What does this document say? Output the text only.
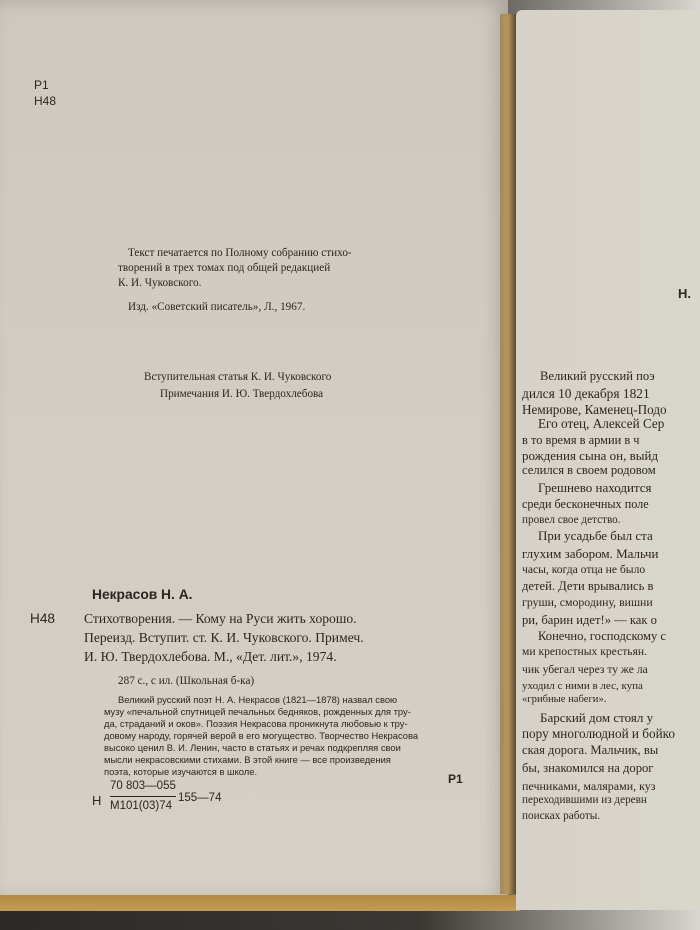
Р1
Н48
Текст печатается по Полному собранию стихо-
творений в трех томах под общей редакцией
К. И. Чуковского.
Изд. «Советский писатель», Л., 1967.
Вступительная статья К. И. Чуковского
Примечания И. Ю. Твердохлебова
Некрасов Н. А.
Н48 Стихотворения. — Кому на Руси жить хорошо.
Переизд. Вступит. ст. К. И. Чуковского. Примеч.
И. Ю. Твердохлебова. М., «Дет. лит.», 1974.
287 с., с ил. (Школьная б-ка)
Великий русский поэт Н. А. Некрасов (1821—1878) назвал свою
музу «печальной спутницей печальных бедняков, рожденных для тру-
да, страданий и оков». Поэзия Некрасова проникнута любовью к тру-
довому народу, горячей верой в его могущество. Творчество Некрасова
высоко ценил В. И. Ленин, часто в статьях и речах подкрепляя свои
мысли некрасовскими стихами. В этой книге — все произведения
поэта, которые изучаются в школе.
Р1
Н
70 803—055
М101(03)74
155—74
Н.
Великий русский поэ
дился 10 декабря 1821
Немирове, Каменец-Подо
Его отец, Алексей Сер
в то время в армии в ч
рождения сына он, выйд
селился в своем родовом
Грешнево находится
среди бесконечных поле
провел свое детство.
При усадьбе был ста
глухим забором. Мальчи
часы, когда отца не было
детей. Дети врывались в
груши, смородину, вишни
ри, барин идет!» — как о
Конечно, господскому с
ми крепостных крестьян.
чик убегал через ту же ла
уходил с ними в лес, купа
«грибные набеги».
Барский дом стоял у
пору многолюдной и бойко
ская дорога. Мальчик, вы
бы, знакомился на дорог
печниками, малярами, куз
переходившими из деревн
поисках работы.
